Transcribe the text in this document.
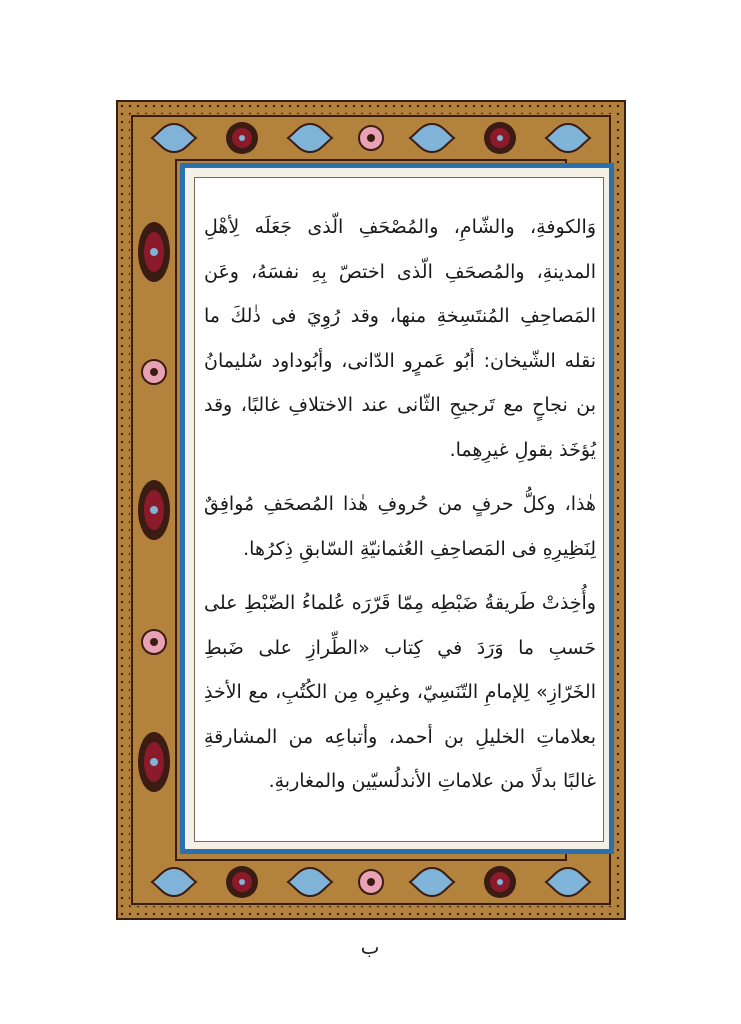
وَالكوفةِ، والشّامِ، والمُصْحَفِ الّذى جَعَلَه لِأهْلِ المدينةِ، والمُصحَفِ الّذى اختصّ بِهِ نفسَهُ، وعَن المَصاحِفِ المُنتَسِخةِ منها، وقد رُوِيَ فى ذٰلكَ ما نقله الشّيخان: أبُو عَمرٍو الدّانى، وأبُوداود سُليمانُ بن نجاحٍ مع تَرجيحِ الثّانى عند الاختلافِ غالبًا، وقد يُؤخَذ بقولِ غيرِهِما.

هٰذا، وكلُّ حرفٍ من حُروفِ هٰذا المُصحَفِ مُوافِقٌ لِنَظِيرِهِ فى المَصاحِفِ العُثمانيّةِ السّابقِ ذِكرُها.

وأُخِذتْ طَريقةُ ضَبْطِه مِمّا قَرّرَه عُلماءُ الضّبْطِ على حَسبِ ما وَرَدَ في كِتاب «الطِّرازِ على ضَبطِ الخَرّازِ» لِلإمامِ التّنَسِيّ، وغيرِه مِن الكُتُبِ، مع الأخذِ بعلاماتِ الخليلِ بن أحمد، وأتباعِه من المشارقةِ غالبًا بدلًا من علاماتِ الأندلُسيّين والمغاربةِ.

ب
